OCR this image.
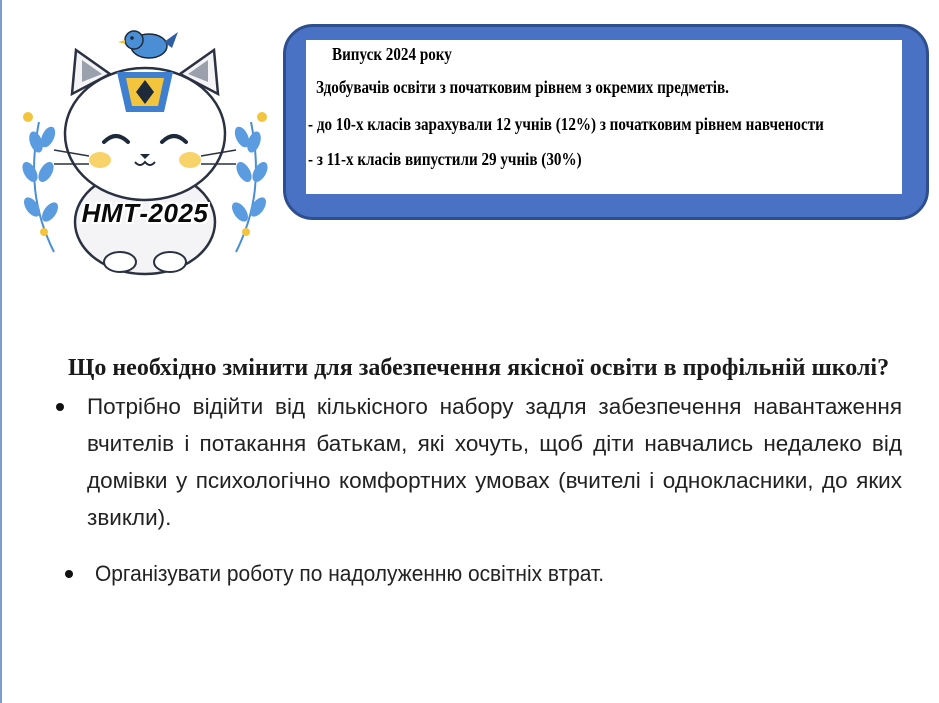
НМТ-2025
Випуск 2024 року
Здобувачів освіти з початковим рівнем з окремих предметів.
- до 10-х класів зарахували 12 учнів (12%) з початковим рівнем навчености
- з 11-х класів випустили 29 учнів (30%)

Що необхідно змінити для забезпечення якісної освіти в профільній школі?

Потрібно відійти від кількісного набору задля забезпечення навантаження вчителів і потакання батькам, які хочуть, щоб діти навчались недалеко від домівки у психологічно комфортних умовах (вчителі і однокласники, до яких звикли).
Організувати роботу по надолуженню освітніх втрат.
